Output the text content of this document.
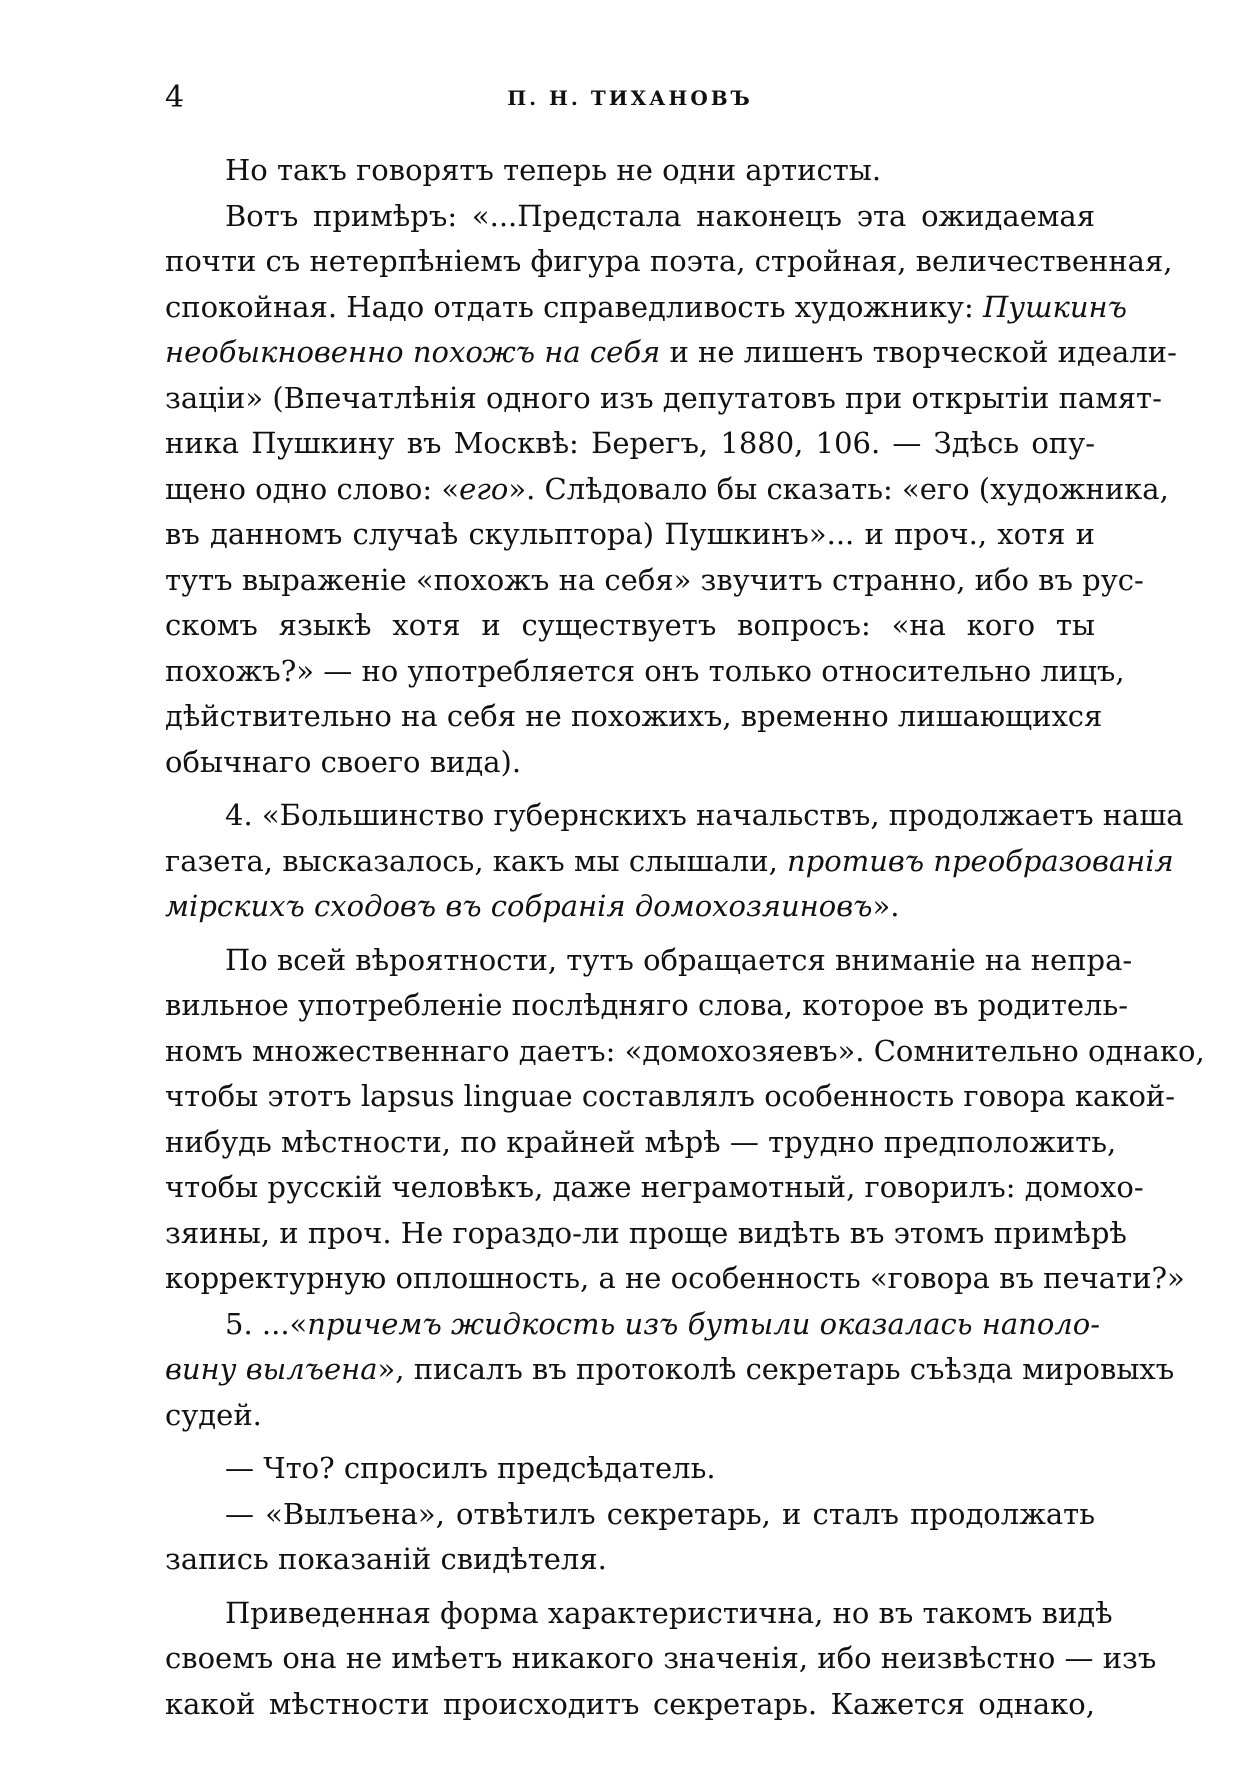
4	П. Н. ТИХАНОВЪ
Но такъ говорятъ теперь не одни артисты.
Вотъ примѣръ: «...Предстала наконецъ эта ожидаемая
почти съ нетерпѣніемъ фигура поэта, стройная, величественная,
спокойная. Надо отдать справедливость художнику: Пушкинъ
необыкновенно похожъ на себя и не лишенъ творческой идеали-
заціи» (Впечатлѣнія одного изъ депутатовъ при открытіи памят-
ника Пушкину въ Москвѣ: Берегъ, 1880, 106. — Здѣсь опу-
щено одно слово: «его». Слѣдовало бы сказать: «его (художника,
въ данномъ случаѣ скульптора) Пушкинъ»... и проч., хотя и
тутъ выраженіе «похожъ на себя» звучитъ странно, ибо въ рус-
скомъ языкѣ хотя и существуетъ вопросъ: «на кого ты
похожъ?» — но употребляется онъ только относительно лицъ,
дѣйствительно на себя не похожихъ, временно лишающихся
обычнаго своего вида).
4. «Большинство губернскихъ начальствъ, продолжаетъ наша
газета, высказалось, какъ мы слышали, противъ преобразованія
мірскихъ сходовъ въ собранія домохозяиновъ».
По всей вѣроятности, тутъ обращается вниманіе на непра-
вильное употребленіе послѣдняго слова, которое въ родитель-
номъ множественнаго даетъ: «домохозяевъ». Сомнительно однако,
чтобы этотъ lapsus linguae составлялъ особенность говора какой-
нибудь мѣстности, по крайней мѣрѣ — трудно предположить,
чтобы русскій человѣкъ, даже неграмотный, говорилъ: домохо-
зяины, и проч. Не гораздо-ли проще видѣть въ этомъ примѣрѣ
корректурную оплошность, а не особенность «говора въ печати?»
5. ...«причемъ жидкость изъ бутыли оказалась наполо-
вину вылъена», писалъ въ протоколѣ секретарь съѣзда мировыхъ
судей.
— Что? спросилъ предсѣдатель.
— «Вылъена», отвѣтилъ секретарь, и сталъ продолжать
запись показаній свидѣтеля.
Приведенная форма характеристична, но въ такомъ видѣ
своемъ она не имѣетъ никакого значенія, ибо неизвѣстно — изъ
какой мѣстности происходитъ секретарь. Кажется однако,
